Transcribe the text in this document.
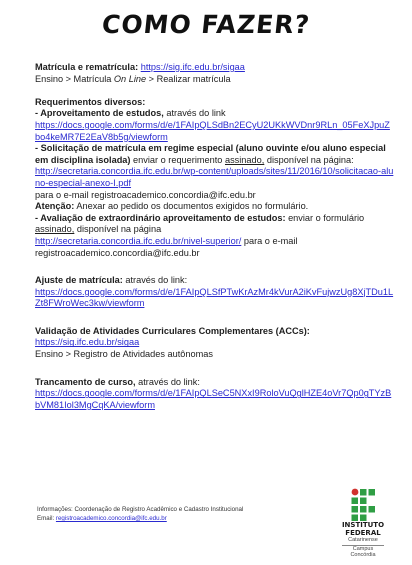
COMO FAZER?

Matrícula e rematrícula: https://sig.ifc.edu.br/sigaa

Ensino > Matrícula On Line > Realizar matrícula

Requerimentos diversos:

- Aproveitamento de estudos, através do link

https://docs.google.com/forms/d/e/1FAIpQLSdBn2ECyU2UKkWVDnr9RLn_05FeXJpuZbo4keMR7E2EaV8b5g/viewform

- Solicitação de matrícula em regime especial (aluno ouvinte e/ou aluno especial em disciplina isolada) enviar o requerimento assinado, disponível na página:

http://secretaria.concordia.ifc.edu.br/wp-content/uploads/sites/11/2016/10/solicitacao-aluno-especial-anexo-I.pdf

para o e-mail registroacademico.concordia@ifc.edu.br

Atenção: Anexar ao pedido os documentos exigidos no formulário.

- Avaliação de extraordinário aproveitamento de estudos: enviar o formulário assinado, disponível na página

http://secretaria.concordia.ifc.edu.br/nivel-superior/ para o e-mail

registroacademico.concordia@ifc.edu.br

Ajuste de matrícula: através do link:

https://docs.google.com/forms/d/e/1FAIpQLSfPTwKrAzMr4kVurA2iKvFujwzUg8XjTDu1LZt8FWroWec3kw/viewform

Validação de Atividades Curriculares Complementares (ACCs):

https://sig.ifc.edu.br/sigaa

Ensino > Registro de Atividades autônomas

Trancamento de curso, através do link:

https://docs.google.com/forms/d/e/1FAIpQLSeC5NXxI9RoloVuQglHZE4oVr7Qp0gTYzBbVM81Iol3MgCqKA/viewform

Informações: Coordenação de Registro Acadêmico e Cadastro Institucional
Email: registroacademico.concordia@ifc.edu.br
INSTITUTO
FEDERAL
Catarinense
Campus
Concórdia
